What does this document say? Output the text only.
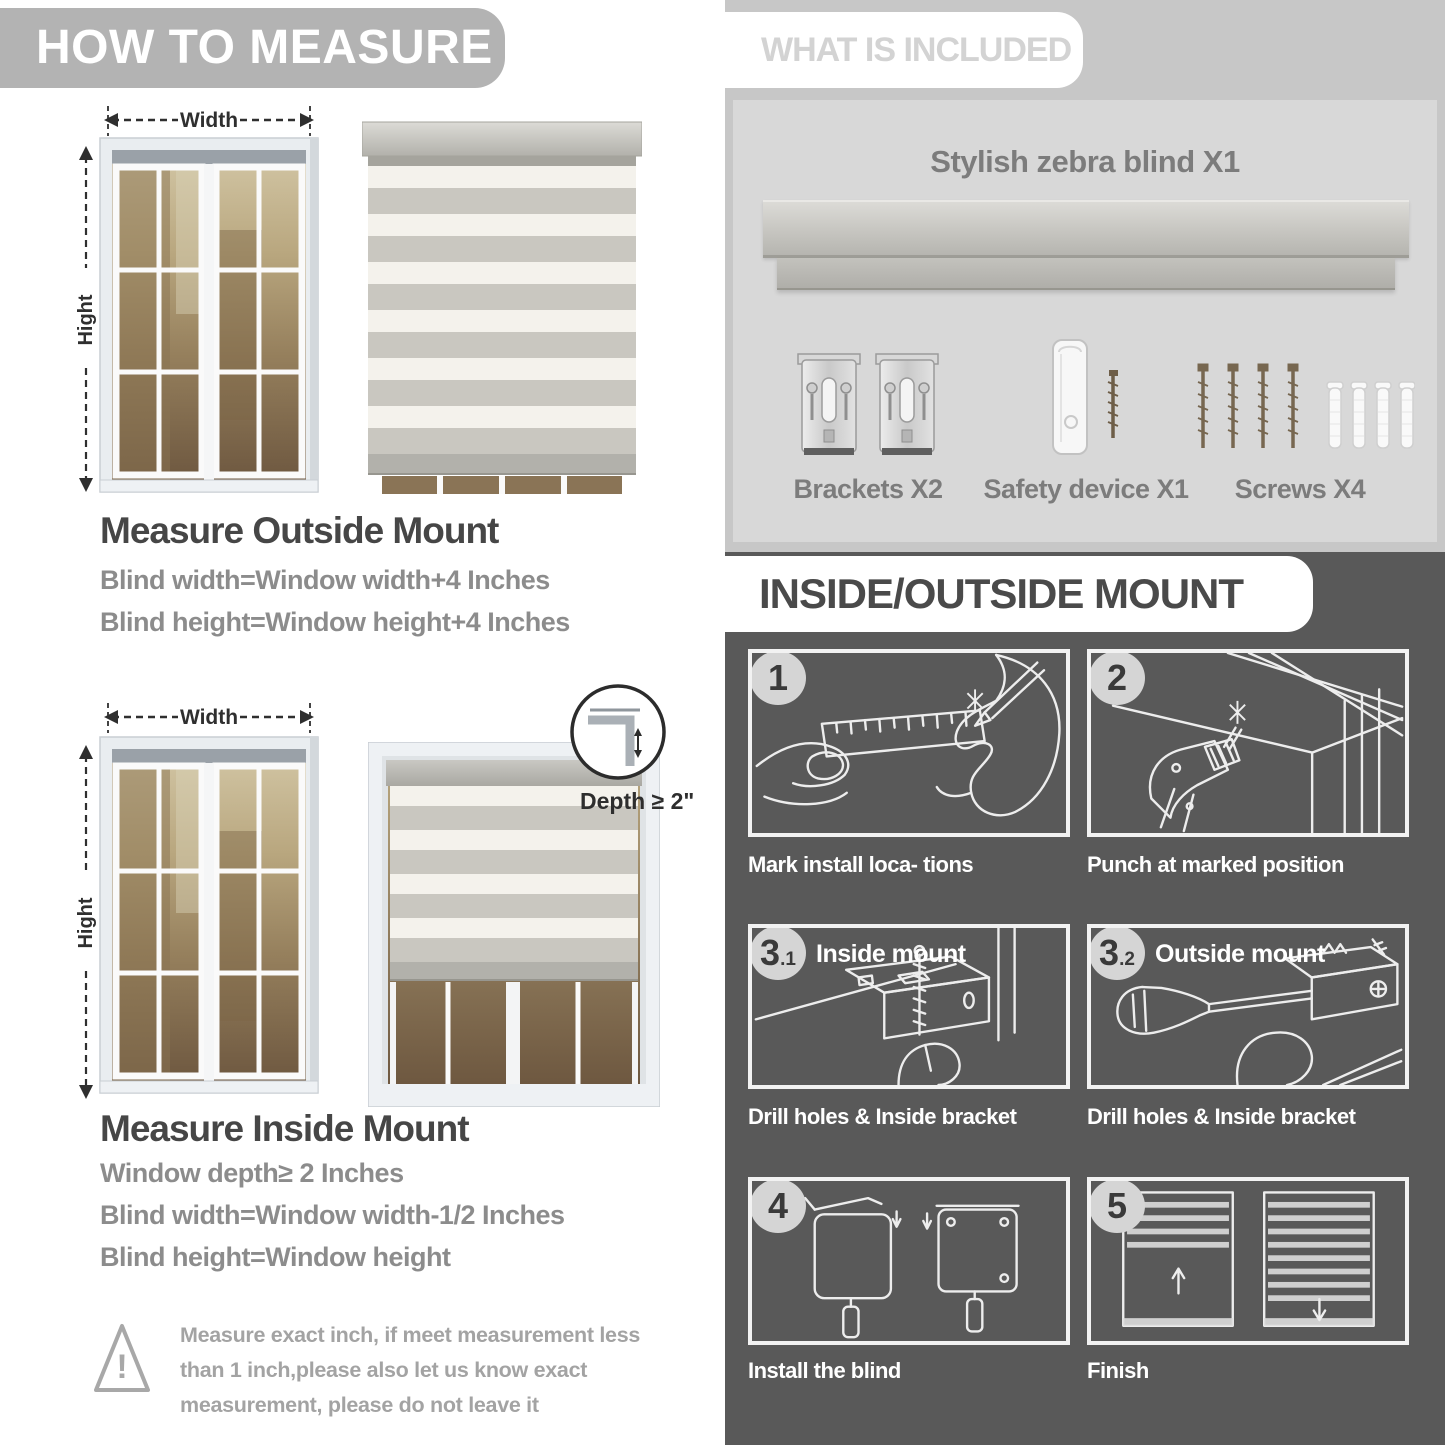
HOW TO MEASURE
Width
Hight
Measure Outside Mount
Blind width=Window width+4 Inches
Blind height=Window height+4 Inches
Width
Hight
Depth ≥ 2"
Measure Inside Mount
Window depth≥ 2 Inches
Blind width=Window width-1/2 Inches
Blind height=Window height
!
Measure exact inch, if meet measurement less
than 1 inch,please also let us know exact
measurement, please do not leave it
WHAT IS INCLUDED
Stylish zebra blind X1
Brackets X2 Safety device X1 Screws X4
INSIDE/OUTSIDE MOUNT
1
Mark install loca- tions
2
Punch at marked position
3 .1 Inside mount
Drill holes & Inside bracket
3 .2 Outside mount
Drill holes & Inside bracket
4
Install the blind
5
Finish
